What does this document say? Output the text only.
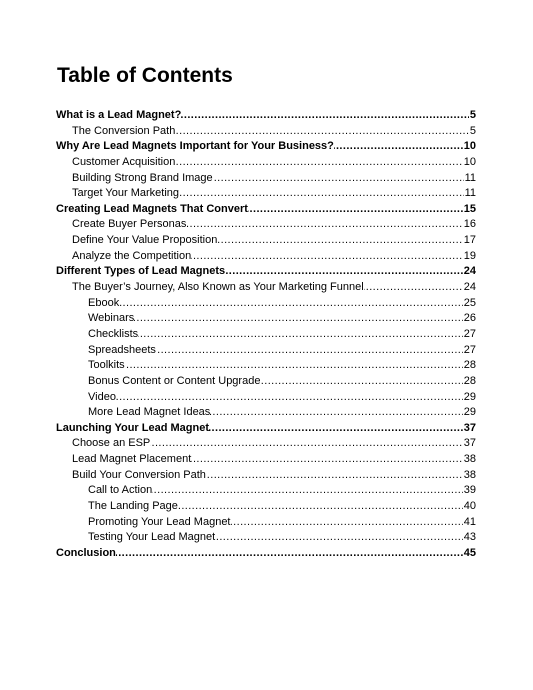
Table of Contents
.....
What is a Lead Magnet?	5
.....
The Conversion Path	5
.....
Why Are Lead Magnets Important for Your Business?	10
.....
Customer Acquisition	10
.....
Building Strong Brand Image	11
.....
Target Your Marketing	11
.....
Creating Lead Magnets That Convert	15
.....
Create Buyer Personas	16
.....
Define Your Value Proposition	17
.....
Analyze the Competition	19
.....
Different Types of Lead Magnets	24
.....
The Buyer’s Journey, Also Known as Your Marketing Funnel	24
.....
Ebook	25
.....
Webinars	26
.....
Checklists	27
.....
Spreadsheets	27
.....
Toolkits	28
.....
Bonus Content or Content Upgrade	28
.....
Video	29
.....
More Lead Magnet Ideas	29
.....
Launching Your Lead Magnet	37
.....
Choose an ESP	37
.....
Lead Magnet Placement	38
.....
Build Your Conversion Path	38
.....
Call to Action	39
.....
The Landing Page	40
.....
Promoting Your Lead Magnet	41
.....
Testing Your Lead Magnet	43
.....
Conclusion	45
